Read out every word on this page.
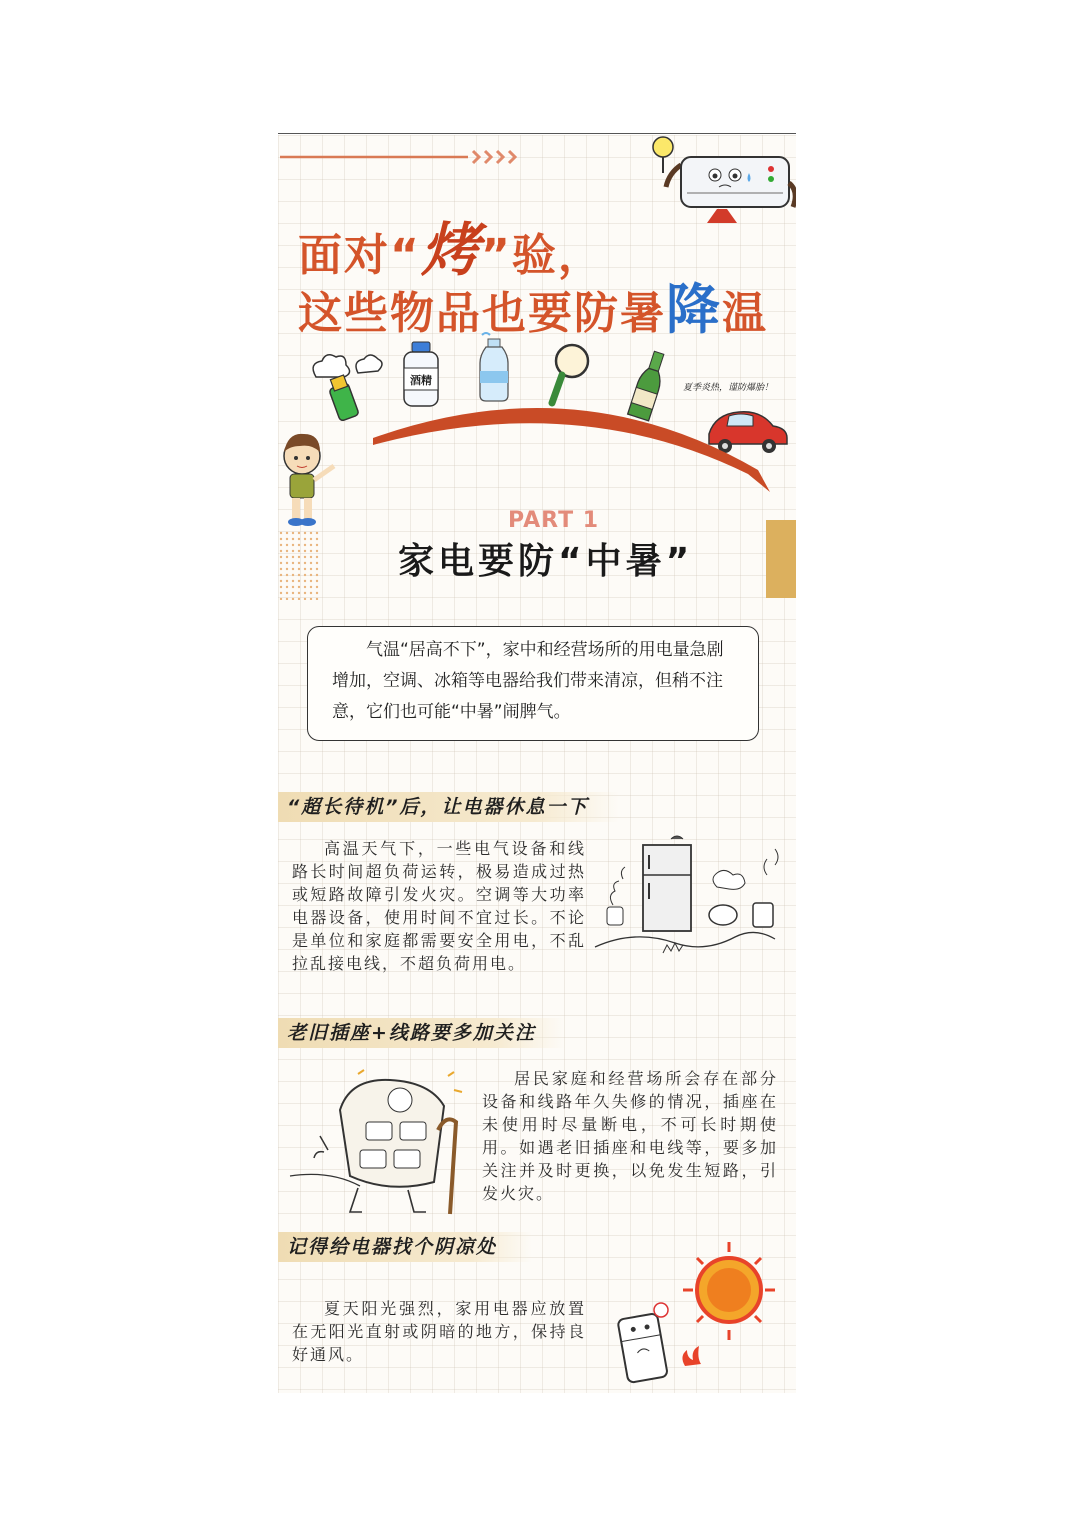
面对“烤”验，
这些物品也要防暑降温
酒精
夏季炎热，谨防爆胎！
PART 1
家电要防“中暑”
气温“居高不下”，家中和经营场所的用电量急剧增加，空调、冰箱等电器给我们带来清凉，但稍不注意，它们也可能“中暑”闹脾气。
“超长待机”后，让电器休息一下
高温天气下，一些电气设备和线路长时间超负荷运转，极易造成过热或短路故障引发火灾。空调等大功率电器设备，使用时间不宜过长。不论是单位和家庭都需要安全用电，不乱拉乱接电线，不超负荷用电。
老旧插座+线路要多加关注
居民家庭和经营场所会存在部分设备和线路年久失修的情况，插座在未使用时尽量断电，不可长时期使用。如遇老旧插座和电线等，要多加关注并及时更换，以免发生短路，引发火灾。
记得给电器找个阴凉处
夏天阳光强烈，家用电器应放置在无阳光直射或阴暗的地方，保持良好通风。
